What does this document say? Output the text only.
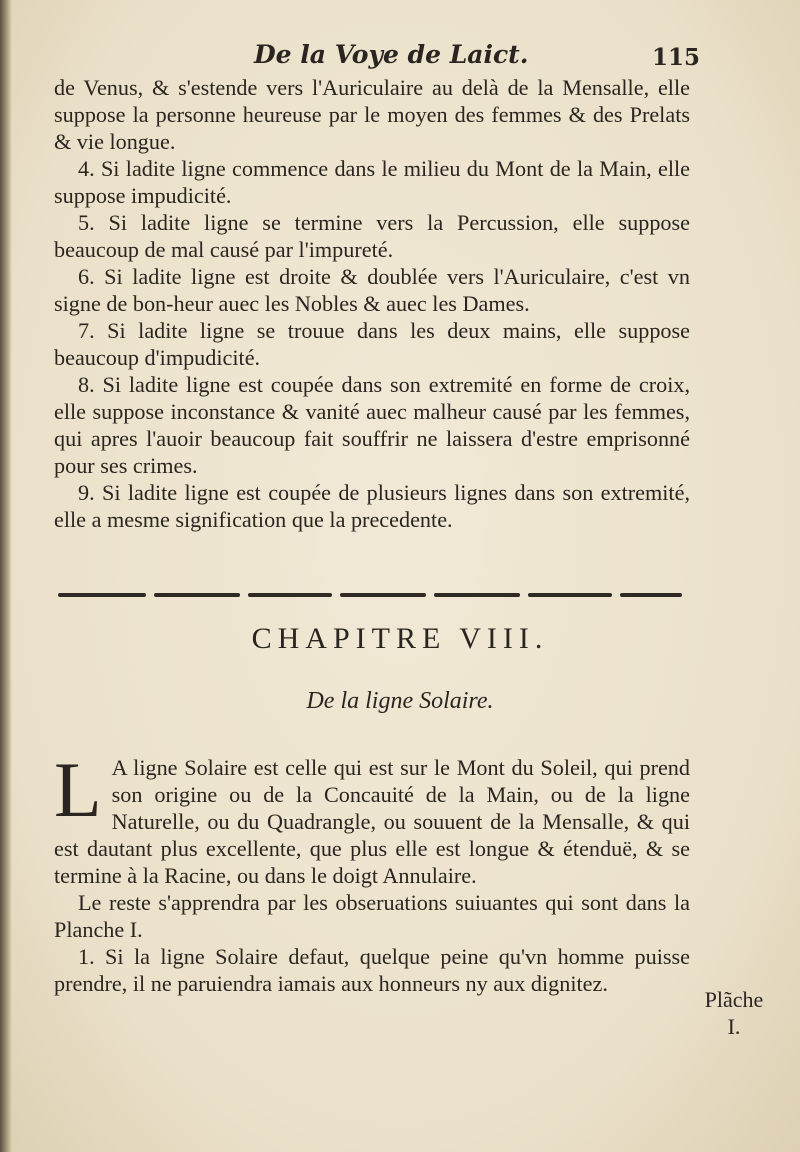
De la Voye de Laict.	115

de Venus, & s'estende vers l'Auriculaire au delà de la Mensalle, elle suppose la personne heureuse par le moyen des femmes & des Prelats & vie longue.

4. Si ladite ligne commence dans le milieu du Mont de la Main, elle suppose impudicité.

5. Si ladite ligne se termine vers la Percussion, elle suppose beaucoup de mal causé par l'impureté.

6. Si ladite ligne est droite & doublée vers l'Auriculaire, c'est vn signe de bon-heur auec les Nobles & auec les Dames.

7. Si ladite ligne se trouue dans les deux mains, elle suppose beaucoup d'impudicité.

8. Si ladite ligne est coupée dans son extremité en forme de croix, elle suppose inconstance & vanité auec malheur causé par les femmes, qui apres l'auoir beaucoup fait souffrir ne laissera d'estre emprisonné pour ses crimes.

9. Si ladite ligne est coupée de plusieurs lignes dans son extremité, elle a mesme signification que la precedente.

CHAPITRE VIII.
De la ligne Solaire.

L A ligne Solaire est celle qui est sur le Mont du Soleil, qui prend son origine ou de la Concauité de la Main, ou de la ligne Naturelle, ou du Quadrangle, ou souuent de la Mensalle, & qui est dautant plus excellente, que plus elle est longue & étenduë, & se termine à la Racine, ou dans le doigt Annulaire.

Le reste s'apprendra par les obseruations suiuantes qui sont dans la Planche I.

1. Si la ligne Solaire defaut, quelque peine qu'vn homme puisse prendre, il ne paruiendra iamais aux honneurs ny aux dignitez.

Plãche
I.
